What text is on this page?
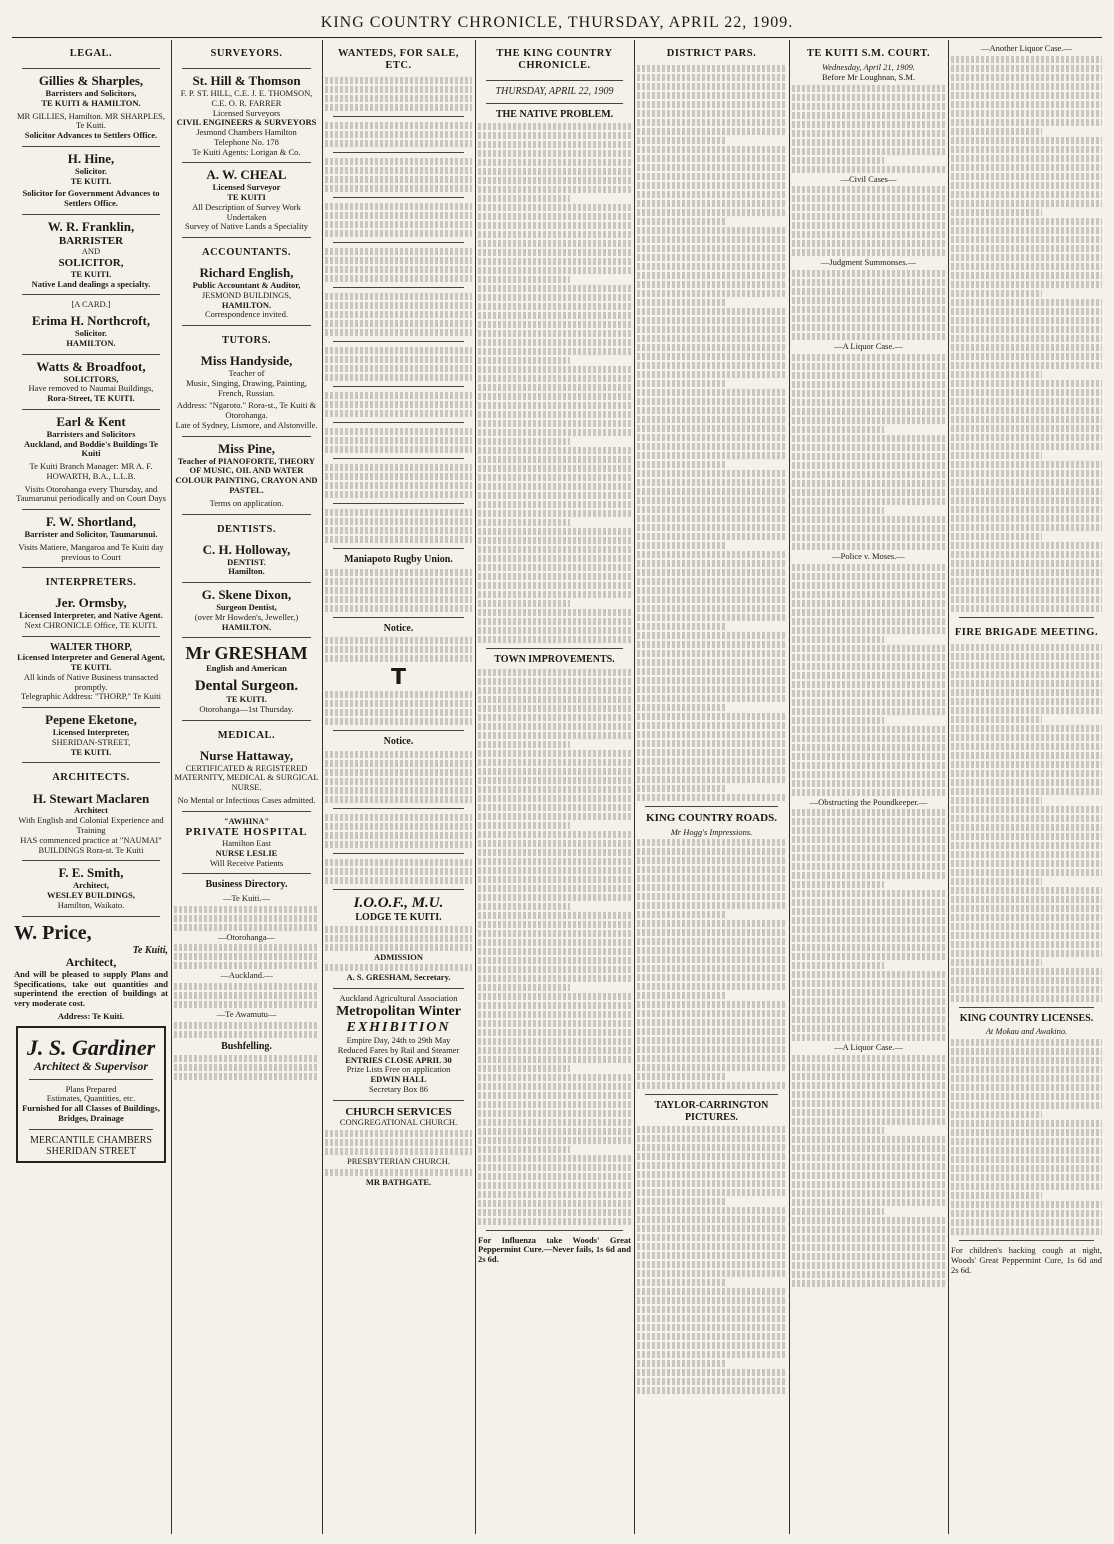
KING COUNTRY CHRONICLE, THURSDAY, APRIL 22, 1909.
LEGAL.
Gillies & Sharples,
Barristers and Solicitors,
TE KUITI & HAMILTON.
MR GILLIES, Hamilton. MR SHARPLES, Te Kuiti.
Solicitor Advances to Settlers Office.
H. Hine,
Solicitor.
TE KUITI.
Solicitor for Government Advances to Settlers Office.
W. R. Franklin,
BARRISTER
AND
SOLICITOR,
TE KUITI.
Native Land dealings a specialty.
[A CARD.]
Erima H. Northcroft,
Solicitor.
HAMILTON.
Watts & Broadfoot,
SOLICITORS,
Have removed to Naumai Buildings,
Rora-Street, TE KUITI.
Earl & Kent
Barristers and Solicitors
Auckland, and Boddie's Buildings Te Kuiti
Te Kuiti Branch Manager: MR A. F. HOWARTH, B.A., L.L.B.
Visits Otorohanga every Thursday, and Taumarunui periodically and on Court Days
F. W. Shortland,
Barrister and Solicitor, Taumarunui.
Visits Matiere, Mangaroa and Te Kuiti day previous to Court
INTERPRETERS.
Jer. Ormsby,
Licensed Interpreter, and Native Agent.
Next CHRONICLE Office, TE KUITI.
WALTER THORP,
Licensed Interpreter and General Agent,
TE KUITI.
All kinds of Native Business transacted promptly.
Telegraphic Address: "THORP," Te Kuiti
Pepene Eketone,
Licensed Interpreter,
SHERIDAN-STREET,
TE KUITI.
ARCHITECTS.
H. Stewart Maclaren
Architect
With English and Colonial Experience and Training
HAS commenced practice at "NAUMAI" BUILDINGS Rora-st. Te Kuiti
F. E. Smith,
Architect,
WESLEY BUILDINGS,
Hamilton, Waikato.
W. Price,
Te Kuiti,
Architect,
And will be pleased to supply Plans and Specifications, take out quantities and superintend the erection of buildings at very moderate cost.
Address: Te Kuiti.
J. S. Gardiner
Architect & Supervisor
Plans Prepared
Estimates, Quantities, etc.
Furnished for all Classes of Buildings, Bridges, Drainage
MERCANTILE CHAMBERS SHERIDAN STREET
SURVEYORS.
St. Hill & Thomson
F. P. ST. HILL, C.E. J. E. THOMSON, C.E. O. R. FARRER
Licensed Surveyors
CIVIL ENGINEERS & SURVEYORS
Jesmond Chambers Hamilton
Telephone No. 178
Te Kuiti Agents: Lorigan & Co.
A. W. CHEAL
Licensed Surveyor
TE KUITI
All Description of Survey Work Undertaken
Survey of Native Lands a Speciality
ACCOUNTANTS.
Richard English,
Public Accountant & Auditor,
JESMOND BUILDINGS,
HAMILTON.
Correspondence invited.
TUTORS.
Miss Handyside,
Teacher of
Music, Singing, Drawing, Painting, French, Russian.
Address: "Ngaroto." Rora-st., Te Kuiti & Otorohanga.
Late of Sydney, Lismore, and Alstonville.
Miss Pine,
Teacher of PIANOFORTE, THEORY OF MUSIC, OIL AND WATER COLOUR PAINTING, CRAYON AND PASTEL.
Terms on application.
DENTISTS.
C. H. Holloway,
DENTIST.
Hamilton.
G. Skene Dixon,
Surgeon Dentist,
(over Mr Howden's, Jeweller,)
HAMILTON.
Mr GRESHAM
English and American
Dental Surgeon.
TE KUITI.
Otorohanga—1st Thursday.
MEDICAL.
Nurse Hattaway,
CERTIFICATED & REGISTERED MATERNITY, MEDICAL & SURGICAL NURSE.
No Mental or Infectious Cases admitted.
"AWHINA"
PRIVATE HOSPITAL
Hamilton East
NURSE LESLIE
Will Receive Patients
Business Directory.
—Te Kuiti.—
—Otorohanga—
—Auckland.—
—Te Awamutu—
Bushfelling.
WANTEDS, FOR SALE, ETC.
Maniapoto Rugby Union.
Notice.
𝗧
Notice.
I.O.O.F., M.U.
LODGE TE KUITI.
ADMISSION
A. S. GRESHAM, Secretary.
Auckland Agricultural Association
Metropolitan Winter
EXHIBITION
Empire Day, 24th to 29th May
Reduced Fares by Rail and Steamer
ENTRIES CLOSE APRIL 30
Prize Lists Free on application
EDWIN HALL
Secretary Box 86
CHURCH SERVICES
CONGREGATIONAL CHURCH.
PRESBYTERIAN CHURCH.
MR BATHGATE.
THE KING COUNTRY CHRONICLE.
THURSDAY, APRIL 22, 1909
THE NATIVE PROBLEM.
TOWN IMPROVEMENTS.
For Influenza take Woods' Great Peppermint Cure.—Never fails, 1s 6d and 2s 6d.
DISTRICT PARS.
KING COUNTRY ROADS.
Mr Hogg's Impressions.
TAYLOR-CARRINGTON PICTURES.
TE KUITI S.M. COURT.
Wednesday, April 21, 1909.
Before Mr Loughnan, S.M.
—Civil Cases—
—Judgment Summonses.—
—A Liquor Case.—
—Police v. Moses.—
—Obstructing the Poundkeeper.—
—A Liquor Case.—
—Another Liquor Case.—
FIRE BRIGADE MEETING.
KING COUNTRY LICENSES.
At Mokau and Awakino.
For children's hacking cough at night, Woods' Great Peppermint Cure, 1s 6d and 2s 6d.
